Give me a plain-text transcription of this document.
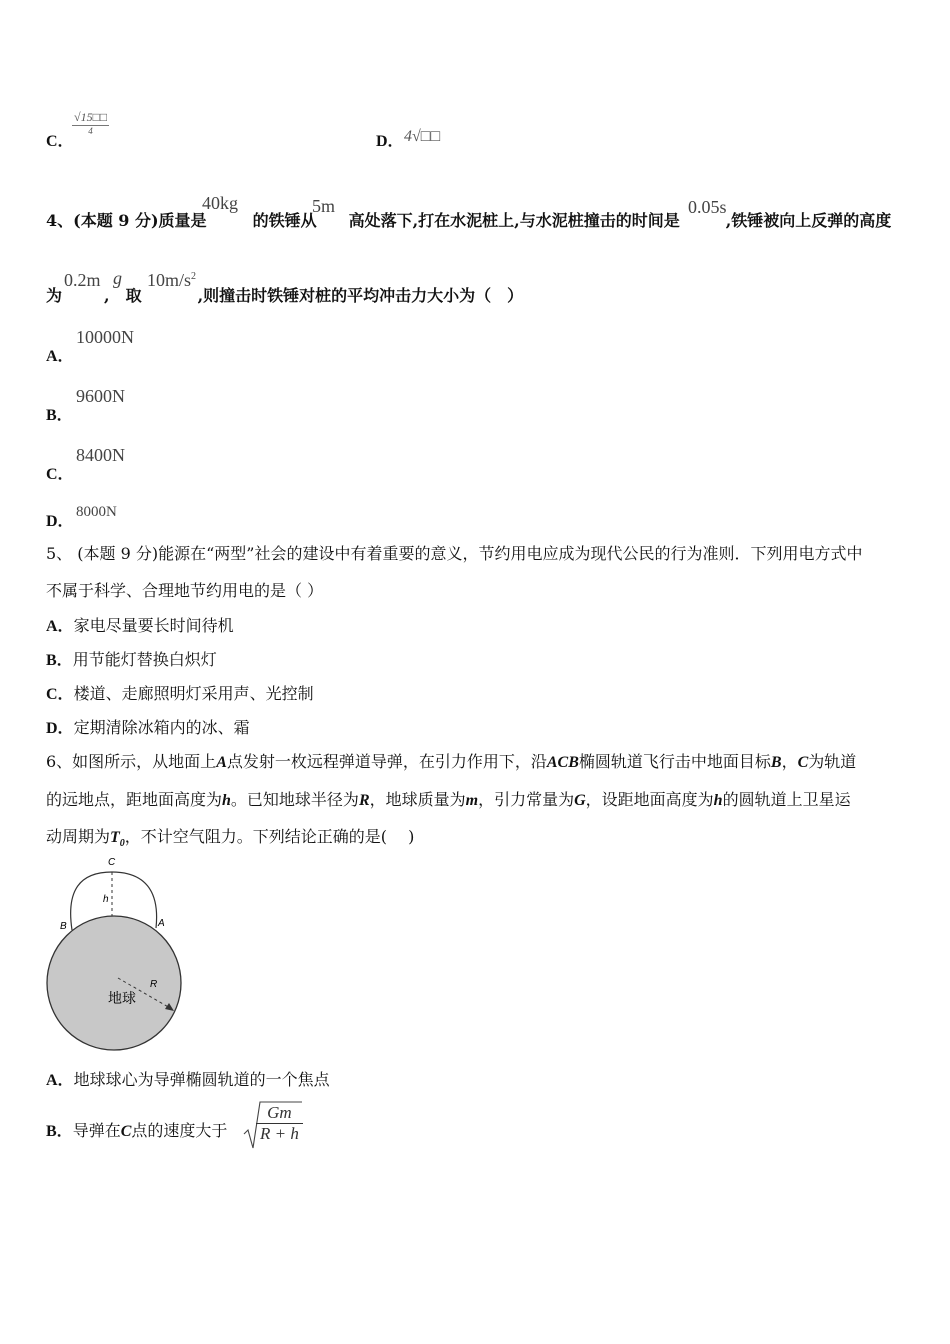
C．
√15□□
4
D． 4√□□
4、(本题 9 分)质量是	的铁锤从 高处落下,打在水泥桩上,与水泥桩撞击的时间是	,铁锤被向上反弹的高度
40kg	5m	0.05s
为	, 取	,则撞击时铁锤对桩的平均冲击力大小为（　）
0.2m g $10m/s^2$
A．
10000N
B．
9600N
C．
8400N
D．
8000N
5、 (本题 9 分)能源在“两型”社会的建设中有着重要的意义，节约用电应成为现代公民的行为准则．下列用电方式中
不属于科学、合理地节约用电的是（ ）
A．家电尽量要长时间待机
B．用节能灯替换白炽灯
C．楼道、走廊照明灯采用声、光控制
D．定期清除冰箱内的冰、霜
6、如图所示，从地面上A点发射一枚远程弹道导弹，在引力作用下，沿ACB椭圆轨道飞行击中地面目标B，C为轨道
的远地点，距地面高度为h。已知地球半径为R，地球质量为m，引力常量为G，设距地面高度为h的圆轨道上卫星运
动周期为$T_0$，不计空气阻力。下列结论正确的是(　 )
C
h
B	A
R
地球
A．地球球心为导弹椭圆轨道的一个焦点
B．导弹在C点的速度大于 $\frac{Gm}{R + h}$
